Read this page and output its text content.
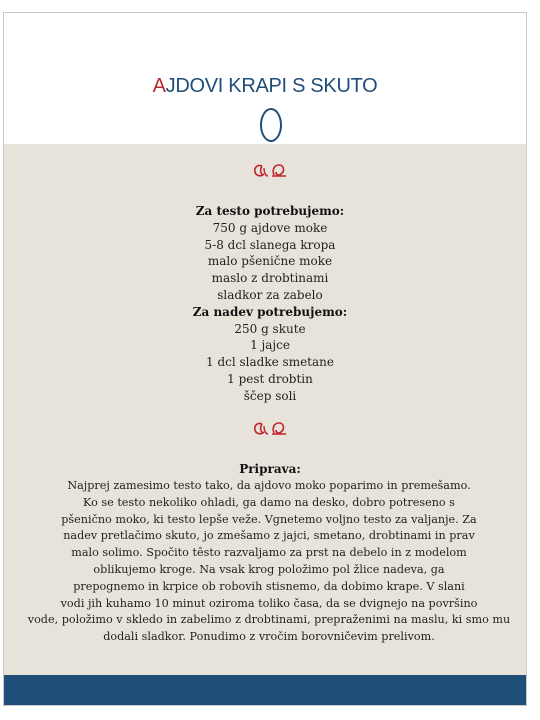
AJDOVI KRAPI S SKUTO
Za testo potrebujemo:
750 g ajdove moke
5-8 dcl slanega kropa
malo pšenične moke
maslo z drobtinami
sladkor za zabelo
Za nadev potrebujemo:
250 g skute
1 jajce
1 dcl sladke smetane
1 pest drobtin
ščep soli
Priprava:
Najprej zamesimo testo tako, da ajdovo moko poparimo in premešamo.
Ko se testo nekoliko ohladi, ga damo na desko, dobro potreseno s
pšenično moko, ki testo lepše veže. Vgnetemo voljno testo za valjanje. Za
nadev pretlačimo skuto, jo zmešamo z jajci, smetano, drobtinami in prav
malo solimo. Spočito tēsto razvaljamo za prst na debelo in z modelom
oblikujemo kroge. Na vsak krog položimo pol žlice nadeva, ga
prepognemo in krpice ob robovih stisnemo, da dobimo krape. V slani
vodi jih kuhamo 10 minut oziroma toliko časa, da se dvignejo na površino
vode, položimo v skledo in zabelimo z drobtinami, prepraženimi na maslu, ki smo mu
dodali sladkor. Ponudimo z vročim borovničevim prelivom.
